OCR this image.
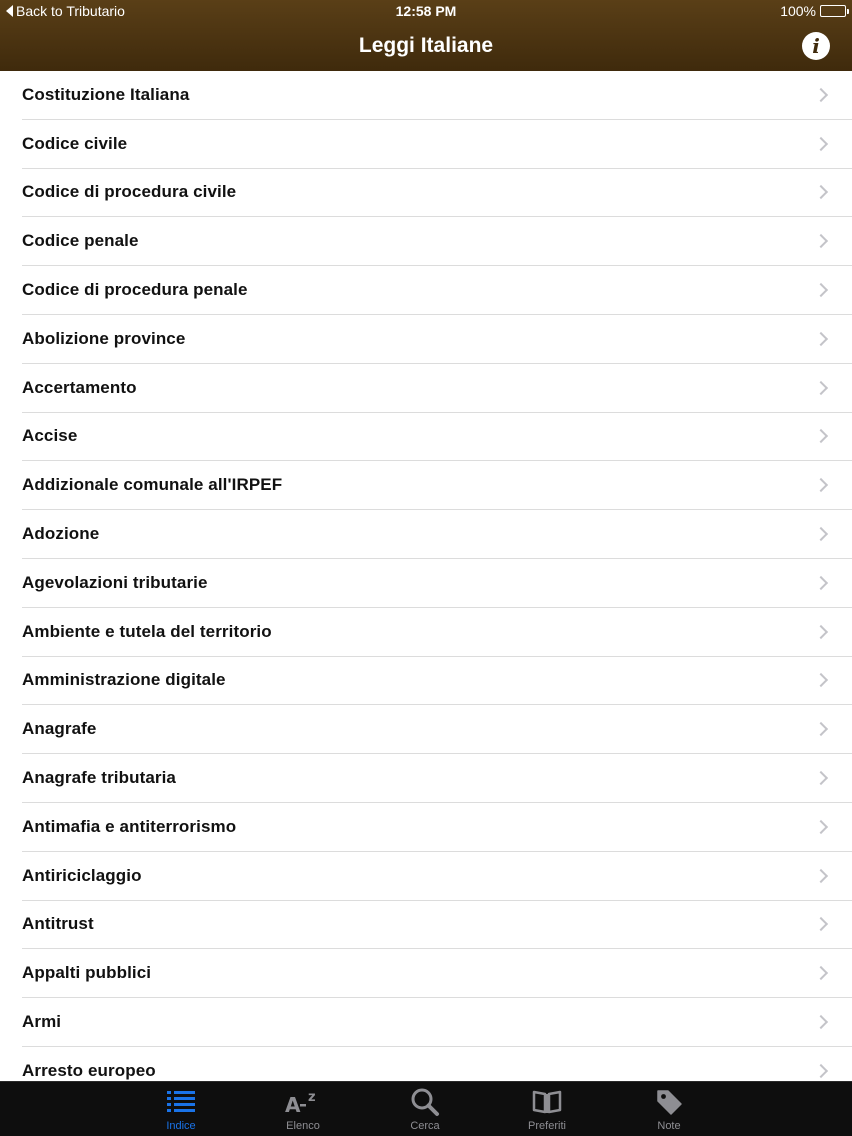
Back to Tributario	12:58 PM	100%
Leggi Italiane	i
Costituzione Italiana
Codice civile
Codice di procedura civile
Codice penale
Codice di procedura penale
Abolizione province
Accertamento
Accise
Addizionale comunale all'IRPEF
Adozione
Agevolazioni tributarie
Ambiente e tutela del territorio
Amministrazione digitale
Anagrafe
Anagrafe tributaria
Antimafia e antiterrorismo
Antiriciclaggio
Antitrust
Appalti pubblici
Armi
Arresto europeo
Indice
A z
Elenco	Cerca	Preferiti	Note
